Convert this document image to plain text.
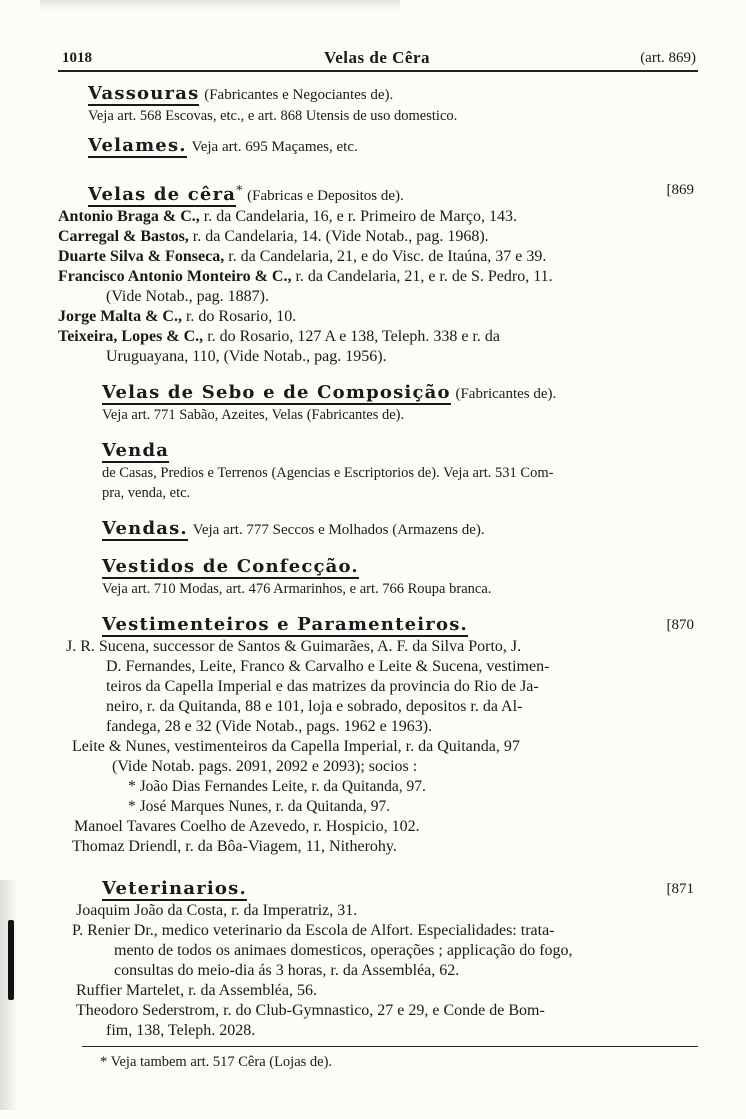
1018	Velas de Cêra	(art. 869)
Vassouras (Fabricantes e Negociantes de).
Veja art. 568 Escovas, etc., e art. 868 Utensis de uso domestico.
Velames. Veja art. 695 Maçames, etc.
Velas de cêra* (Fabricas e Depositos de).	[869
Antonio Braga & C., r. da Candelaria, 16, e r. Primeiro de Março, 143.
Carregal & Bastos, r. da Candelaria, 14. (Vide Notab., pag. 1968).
Duarte Silva & Fonseca, r. da Candelaria, 21, e do Visc. de Itaúna, 37 e 39.
Francisco Antonio Monteiro & C., r. da Candelaria, 21, e r. de S. Pedro, 11.
(Vide Notab., pag. 1887).
Jorge Malta & C., r. do Rosario, 10.
Teixeira, Lopes & C., r. do Rosario, 127 A e 138, Teleph. 338 e r. da
Uruguayana, 110, (Vide Notab., pag. 1956).
Velas de Sebo e de Composição (Fabricantes de).
Veja art. 771 Sabão, Azeites, Velas (Fabricantes de).
Venda
de Casas, Predios e Terrenos (Agencias e Escriptorios de). Veja art. 531 Com-
pra, venda, etc.
Vendas. Veja art. 777 Seccos e Molhados (Armazens de).
Vestidos de Confecção.
Veja art. 710 Modas, art. 476 Armarinhos, e art. 766 Roupa branca.
Vestimenteiros e Paramenteiros.	[870
J. R. Sucena, successor de Santos & Guimarães, A. F. da Silva Porto, J.
D. Fernandes, Leite, Franco & Carvalho e Leite & Sucena, vestimen-
teiros da Capella Imperial e das matrizes da provincia do Rio de Ja-
neiro, r. da Quitanda, 88 e 101, loja e sobrado, depositos r. da Al-
fandega, 28 e 32 (Vide Notab., pags. 1962 e 1963).
Leite & Nunes, vestimenteiros da Capella Imperial, r. da Quitanda, 97
(Vide Notab. pags. 2091, 2092 e 2093); socios :
* João Dias Fernandes Leite, r. da Quitanda, 97.
* José Marques Nunes, r. da Quitanda, 97.
Manoel Tavares Coelho de Azevedo, r. Hospicio, 102.
Thomaz Driendl, r. da Bôa-Viagem, 11, Nitherohy.
Veterinarios.	[871
Joaquim João da Costa, r. da Imperatriz, 31.
P. Renier Dr., medico veterinario da Escola de Alfort. Especialidades: trata-
mento de todos os animaes domesticos, operações ; applicação do fogo,
consultas do meio-dia ás 3 horas, r. da Assembléa, 62.
Ruffier Martelet, r. da Assembléa, 56.
Theodoro Sederstrom, r. do Club-Gymnastico, 27 e 29, e Conde de Bom-
fim, 138, Teleph. 2028.
* Veja tambem art. 517 Cêra (Lojas de).
